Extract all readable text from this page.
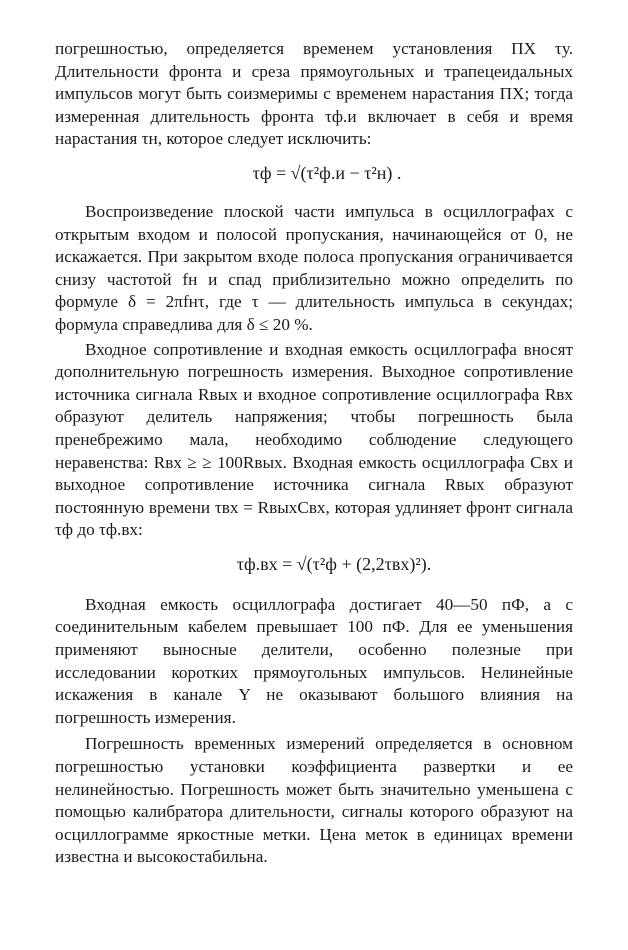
погрешностью, определяется временем установления ПХ τу. Длительности фронта и среза прямоугольных и трапецеидальных импульсов могут быть соизмеримы с временем нарастания ПХ; тогда измеренная длительность фронта τф.и включает в себя и время нарастания τн, которое следует исключить:

τф = √(τ²ф.и − τ²н) .

Воспроизведение плоской части импульса в осциллографах с открытым входом и полосой пропускания, начинающейся от 0, не искажается. При закрытом входе полоса пропускания ограничивается снизу частотой fн и спад приблизительно можно определить по формуле δ = 2πfнτ, где τ — длительность импульса в секундах; формула справедлива для δ ≤ 20 %.

Входное сопротивление и входная емкость осциллографа вносят дополнительную погрешность измерения. Выходное сопротивление источника сигнала Rвых и входное сопротивление осциллографа Rвх образуют делитель напряжения; чтобы погрешность была пренебрежимо мала, необходимо соблюдение следующего неравенства: Rвх ≥ ≥ 100Rвых. Входная емкость осциллографа Cвх и выходное сопротивление источника сигнала Rвых образуют постоянную времени τвх = RвыхCвх, которая удлиняет фронт сигнала τф до τф.вх:

τф.вх = √(τ²ф + (2,2τвх)²).

Входная емкость осциллографа достигает 40—50 пФ, а с соединительным кабелем превышает 100 пФ. Для ее уменьшения применяют выносные делители, особенно полезные при исследовании коротких прямоугольных импульсов. Нелинейные искажения в канале Y не оказывают большого влияния на погрешность измерения.

Погрешность временных измерений определяется в основном погрешностью установки коэффициента развертки и ее нелинейностью. Погрешность может быть значительно уменьшена с помощью калибратора длительности, сигналы которого образуют на осциллограмме яркостные метки. Цена меток в единицах времени известна и высокостабильна.
